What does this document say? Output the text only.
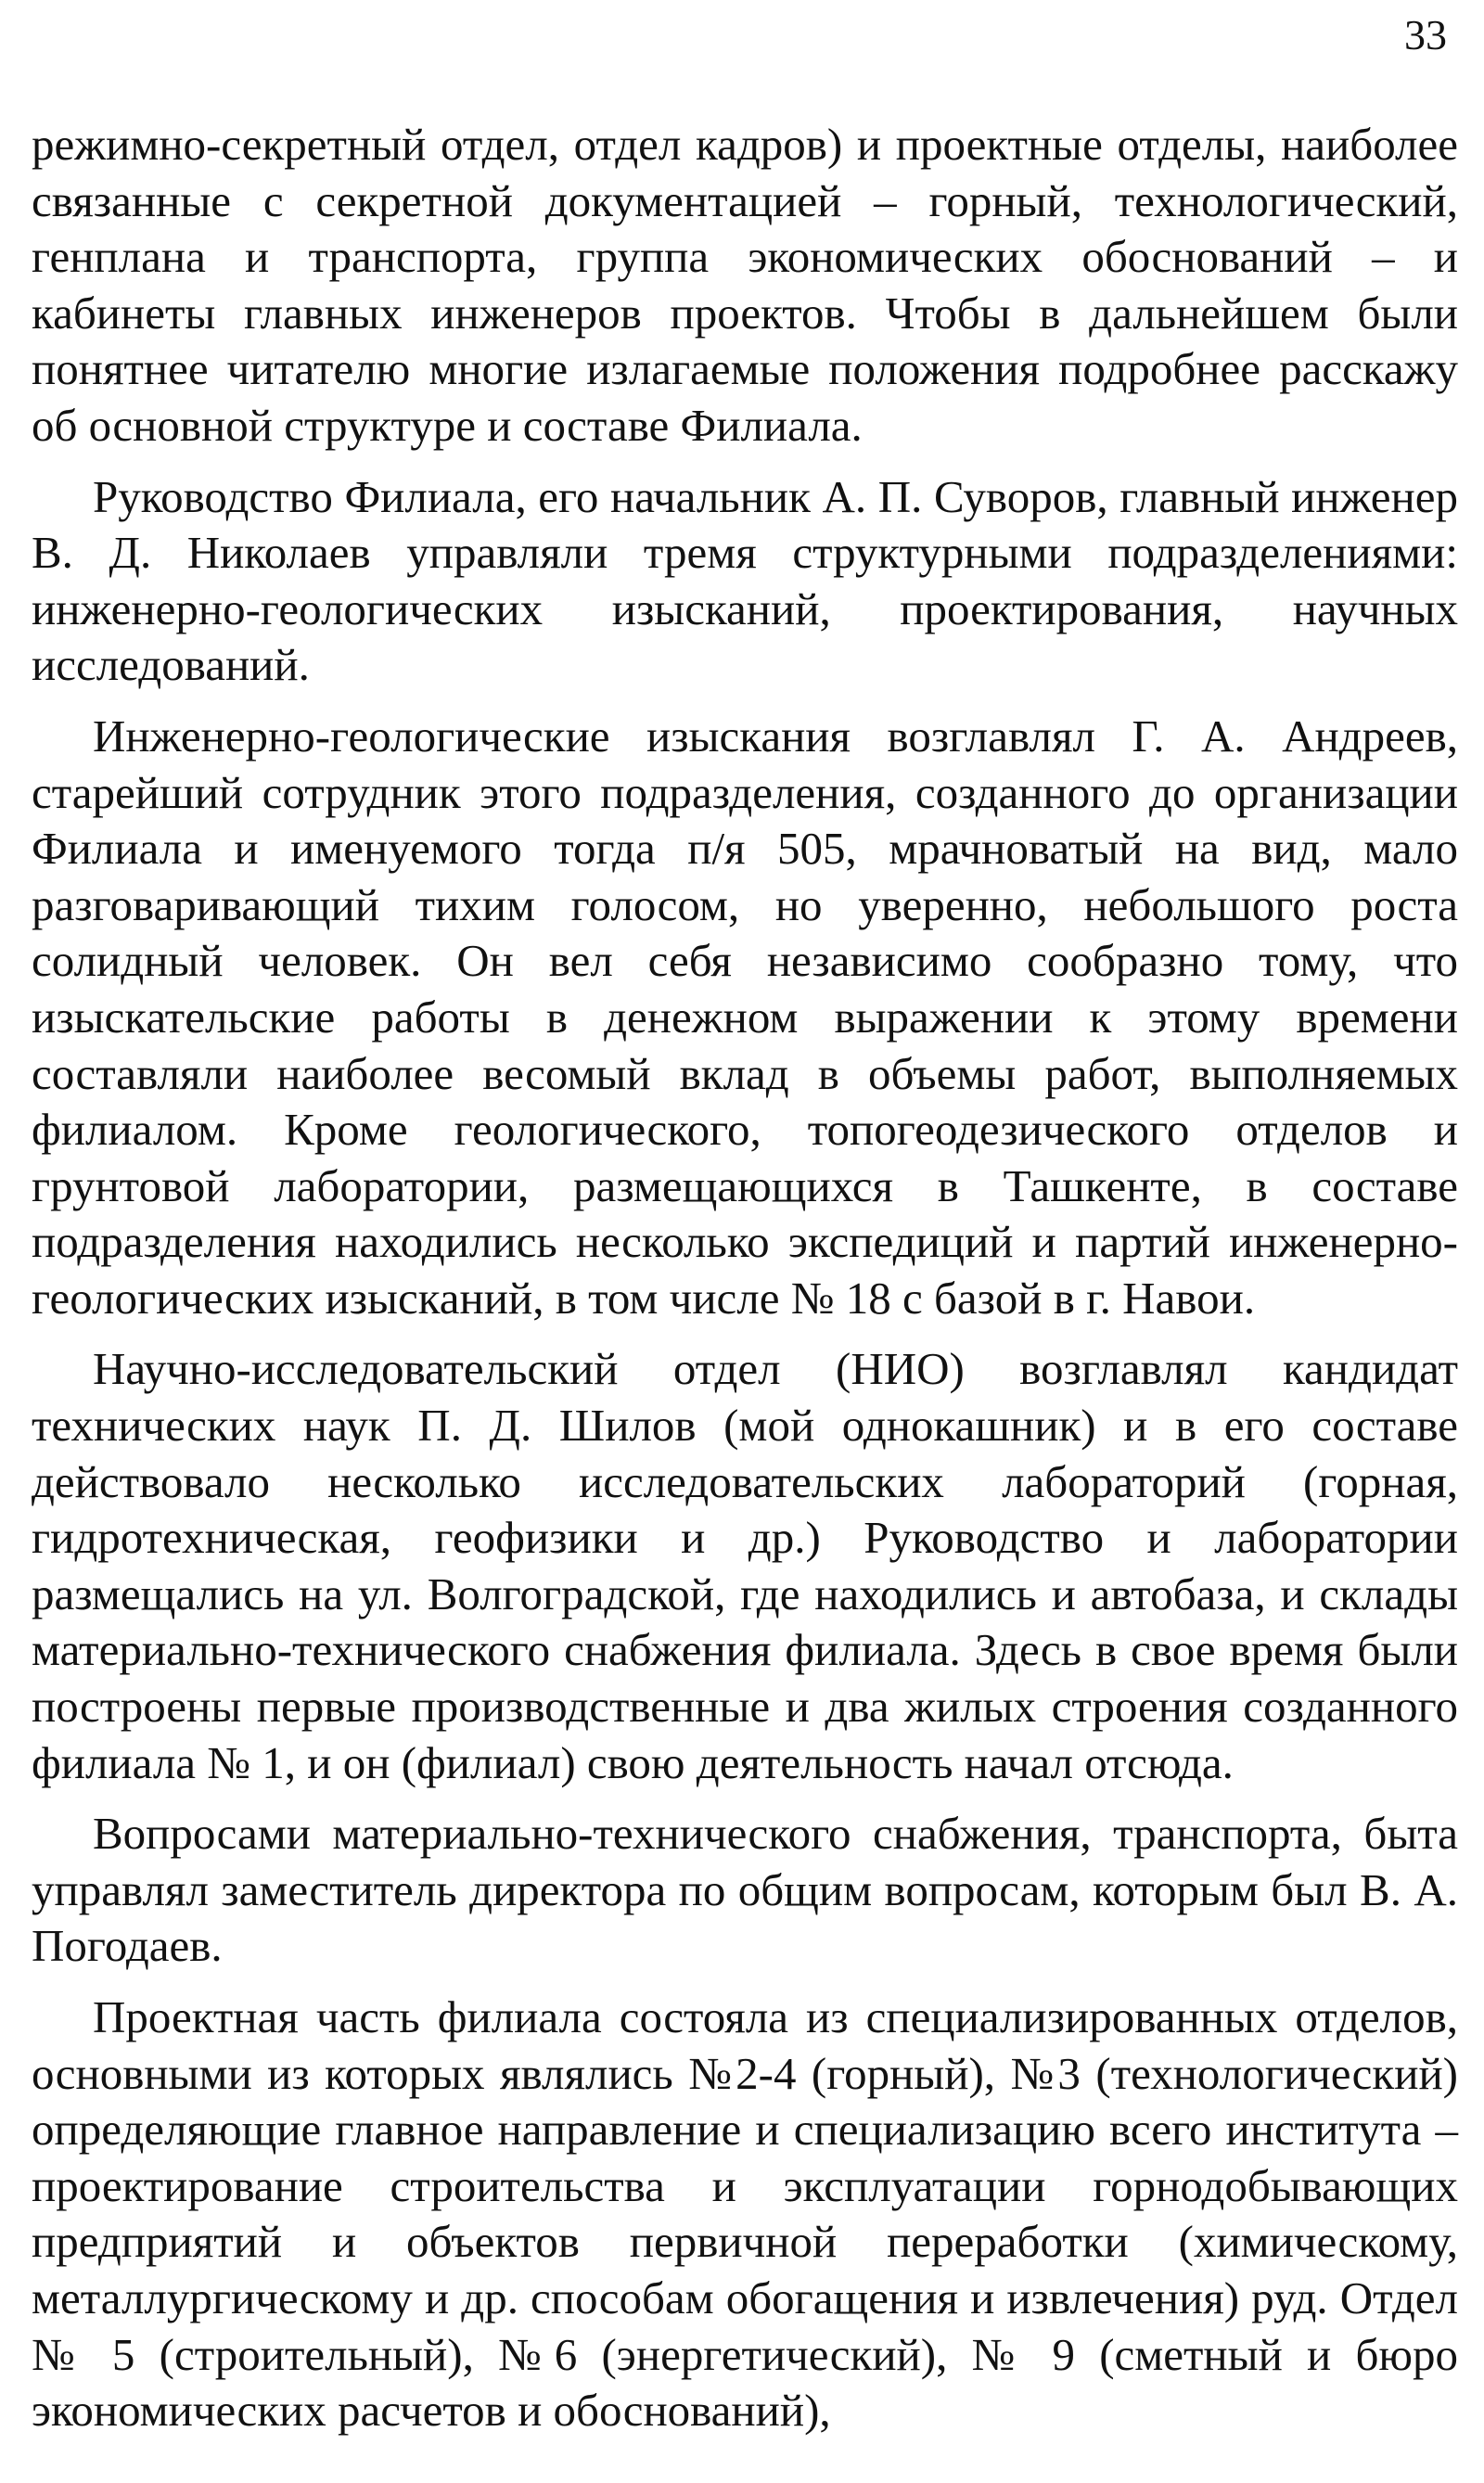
33

режимно-секретный отдел, отдел кадров) и проектные отделы, наиболее связанные с секретной документацией – горный, технологический, генплана и транспорта, группа экономических обоснований – и кабинеты главных инженеров проектов. Чтобы в дальнейшем были понятнее читателю многие излагаемые положения подробнее расскажу об основной структуре и составе Филиала.

Руководство Филиала, его начальник А. П. Суворов, главный инженер В. Д. Николаев управляли тремя структурными подразделениями: инженерно-геологических изысканий, проектирования, научных исследований.

Инженерно-геологические изыскания возглавлял Г. А. Андреев, старейший сотрудник этого подразделения, созданного до организации Филиала и именуемого тогда п/я 505, мрачноватый на вид, мало разговаривающий тихим голосом, но уверенно, небольшого роста солидный человек. Он вел себя независимо сообразно тому, что изыскательские работы в денежном выражении к этому времени составляли наиболее весомый вклад в объемы работ, выполняемых филиалом. Кроме геологического, топогеодезического отделов и грунтовой лаборатории, размещающихся в Ташкенте, в составе подразделения находились несколько экспедиций и партий инженерно-геологических изысканий, в том числе № 18 с базой в г. Навои.

Научно-исследовательский отдел (НИО) возглавлял кандидат технических наук П. Д. Шилов (мой однокашник) и в его составе действовало несколько исследовательских лабораторий (горная, гидротехническая, геофизики и др.) Руководство и лаборатории размещались на ул. Волгоградской, где находились и автобаза, и склады материально-технического снабжения филиала. Здесь в свое время были построены первые производственные и два жилых строения созданного филиала № 1, и он (филиал) свою деятельность начал отсюда.

Вопросами материально-технического снабжения, транспорта, быта управлял заместитель директора по общим вопросам, которым был В. А. Погодаев.

Проектная часть филиала состояла из специализированных отделов, основными из которых являлись №2-4 (горный), №3 (технологический) определяющие главное направление и специализацию всего института – проектирование строительства и эксплуатации горнодобывающих предприятий и объектов первичной переработки (химическому, металлургическому и др. способам обогащения и извлечения) руд. Отдел № 5 (строительный), №6 (энергетический), № 9 (сметный и бюро экономических расчетов и обоснований),
